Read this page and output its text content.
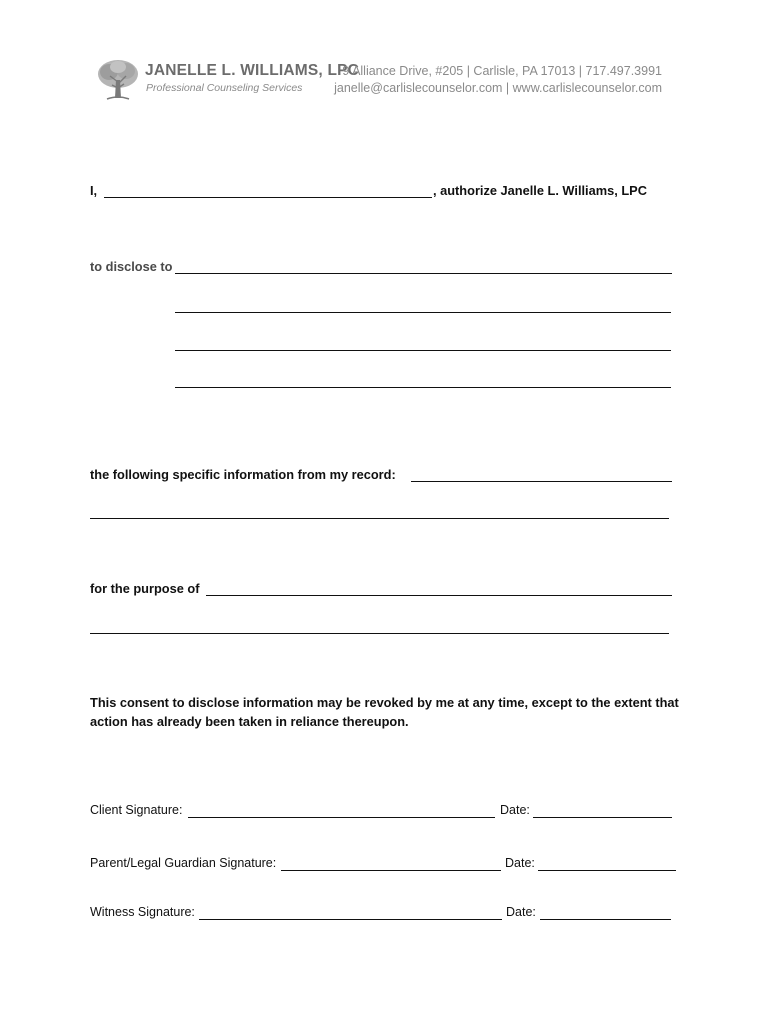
JANELLE L. WILLIAMS, LPC
Professional Counseling Services
9 Alliance Drive, #205 | Carlisle, PA 17013 | 717.497.3991
janelle@carlislecounselor.com | www.carlislecounselor.com
I,	, authorize Janelle L. Williams, LPC
to disclose to
the following specific information from my record:
for the purpose of
This consent to disclose information may be revoked by me at any time, except to the extent that action has already been taken in reliance thereupon.
Client Signature:	Date:
Parent/Legal Guardian Signature:	Date:
Witness Signature:	Date:
